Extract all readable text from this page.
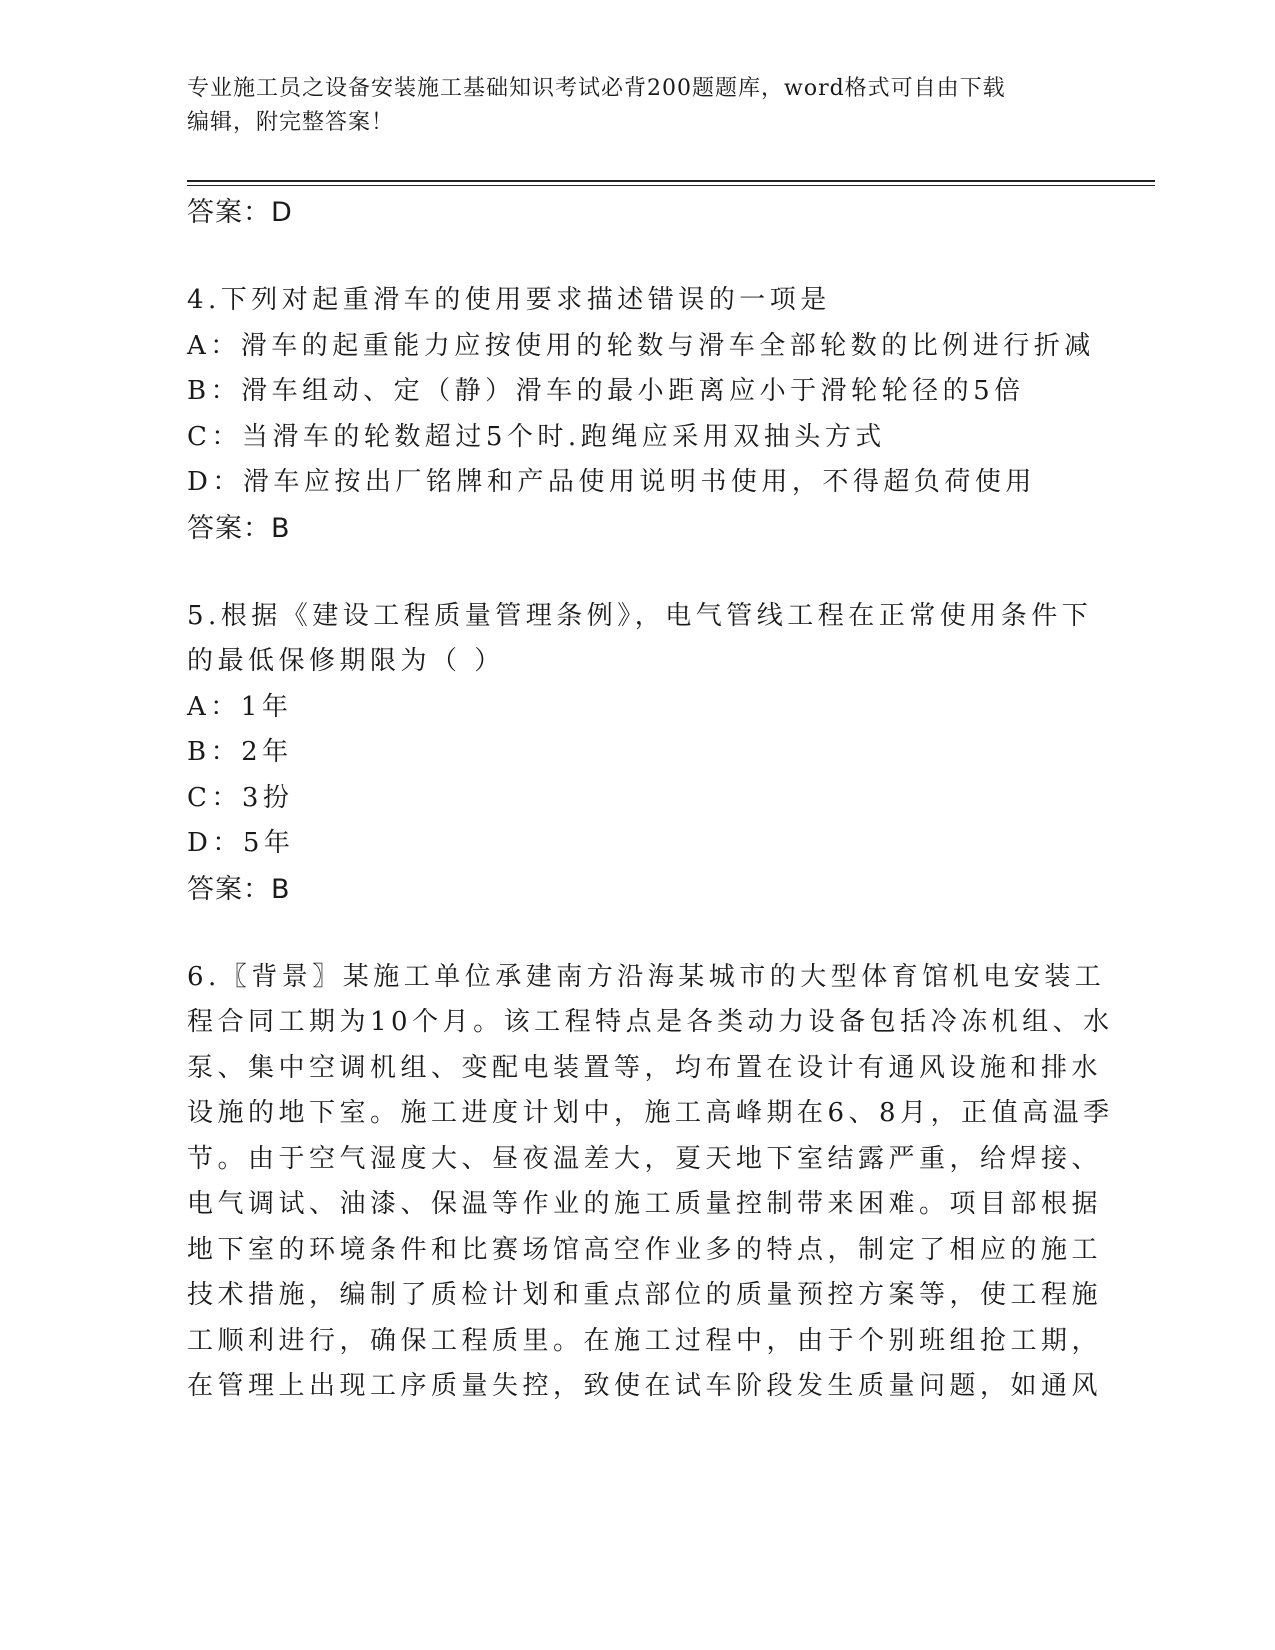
专业施工员之设备安装施工基础知识考试必背200题题库，word格式可自由下载
编辑，附完整答案！
答案：D
4.下列对起重滑车的使用要求描述错误的一项是
A：滑车的起重能力应按使用的轮数与滑车全部轮数的比例进行折减
B：滑车组动、定（静）滑车的最小距离应小于滑轮轮径的5倍
C：当滑车的轮数超过5个时.跑绳应采用双抽头方式
D：滑车应按出厂铭牌和产品使用说明书使用，不得超负荷使用
答案：B
5.根据《建设工程质量管理条例》，电气管线工程在正常使用条件下
的最低保修期限为（ ）
A：1年
B：2年
C：3扮
D：5年
答案：B
6.〖背景〗某施工单位承建南方沿海某城市的大型体育馆机电安装工
程合同工期为10个月。该工程特点是各类动力设备包括冷冻机组、水
泵、集中空调机组、变配电装置等，均布置在设计有通风设施和排水
设施的地下室。施工进度计划中，施工高峰期在6、8月，正值高温季
节。由于空气湿度大、昼夜温差大，夏天地下室结露严重，给焊接、
电气调试、油漆、保温等作业的施工质量控制带来困难。项目部根据
地下室的环境条件和比赛场馆高空作业多的特点，制定了相应的施工
技术措施，编制了质检计划和重点部位的质量预控方案等，使工程施
工顺利进行，确保工程质里。在施工过程中，由于个别班组抢工期，
在管理上出现工序质量失控，致使在试车阶段发生质量问题，如通风
